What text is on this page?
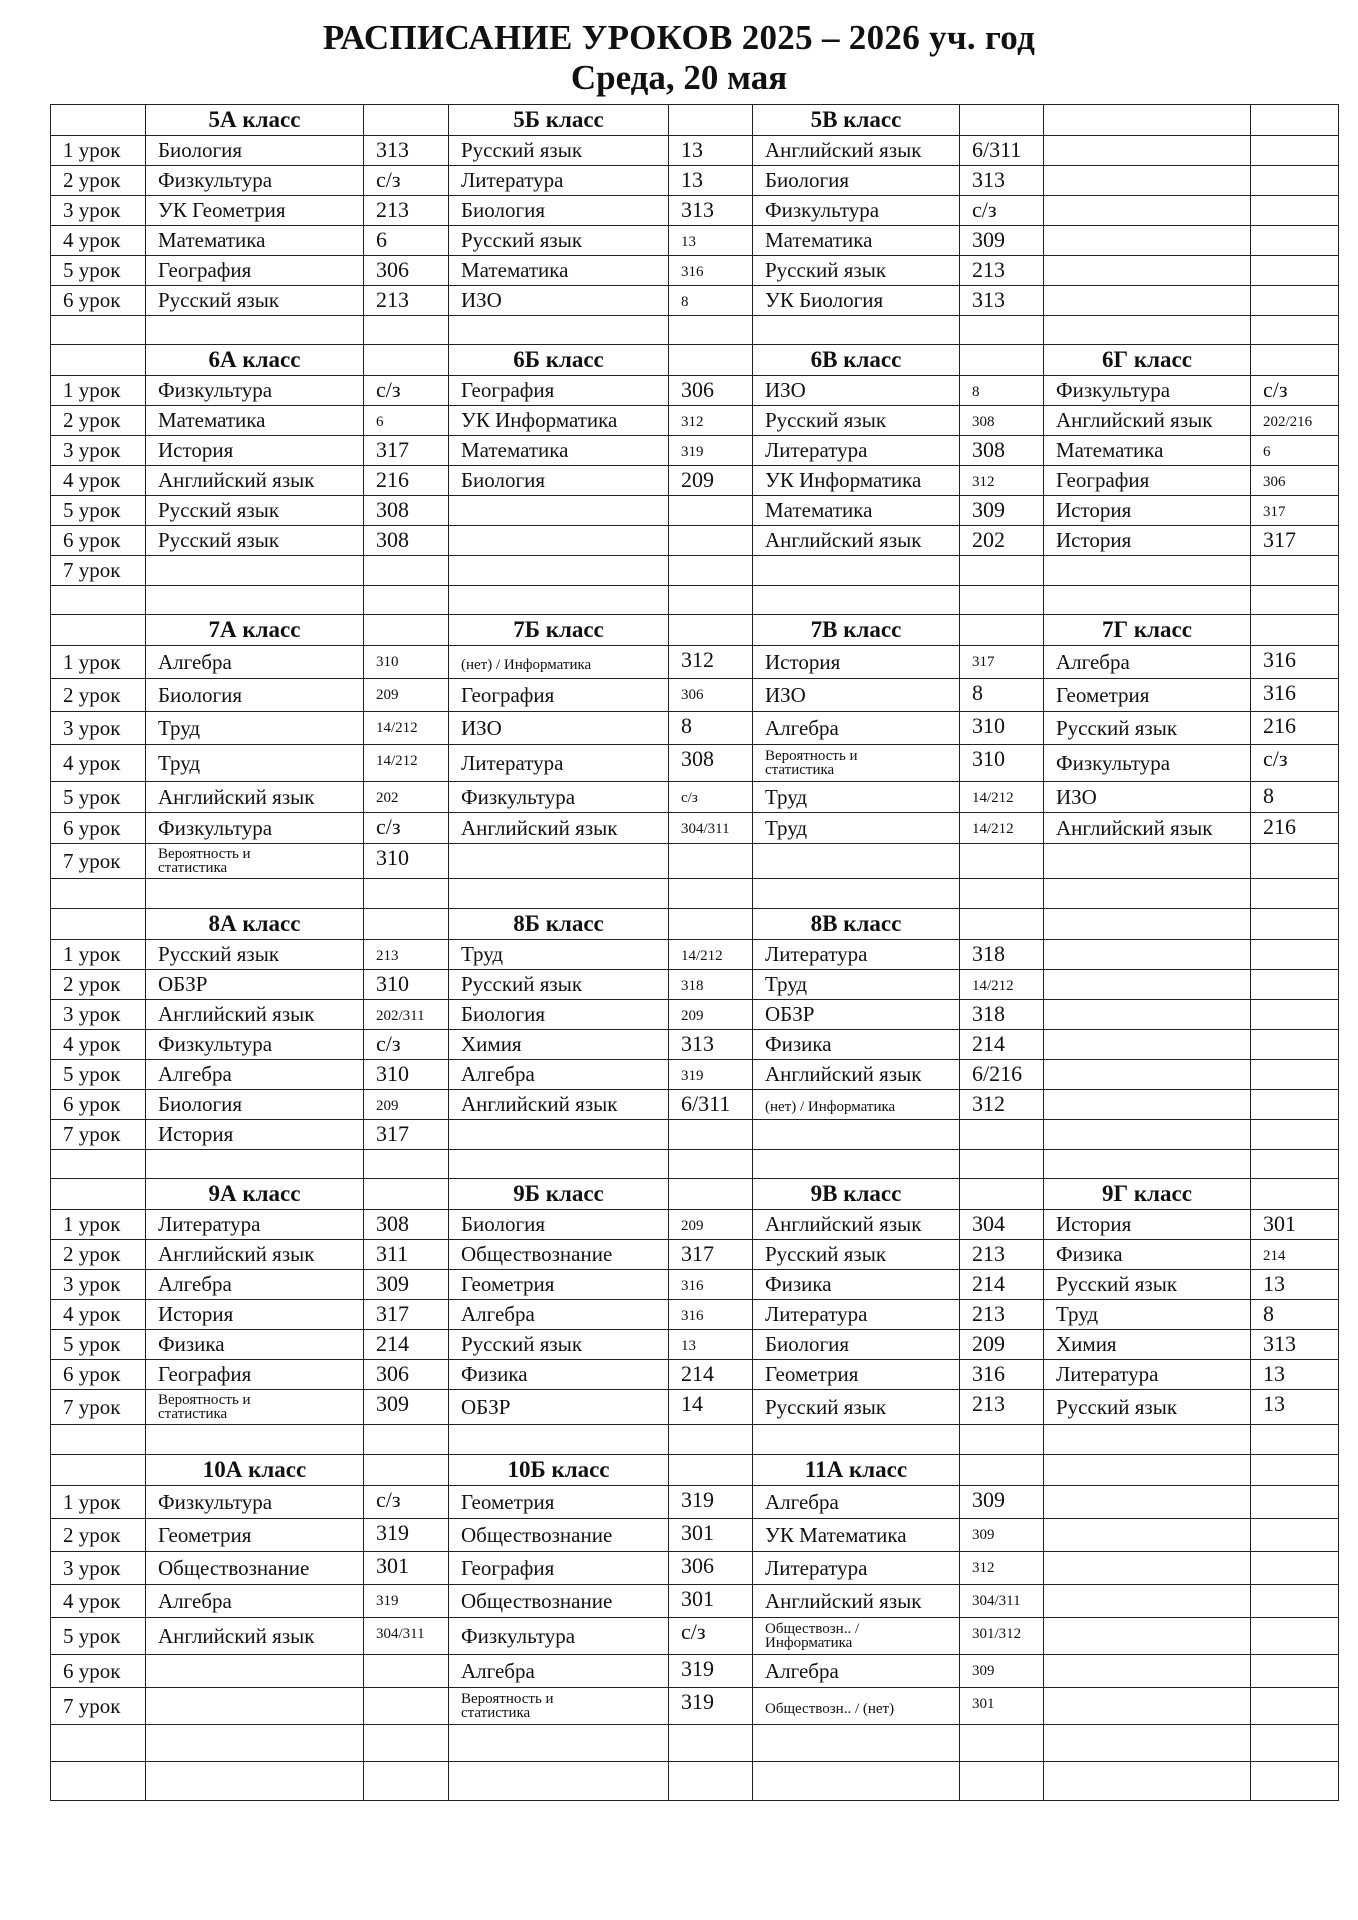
РАСПИСАНИЕ УРОКОВ 2025 – 2026 уч. год
Среда, 20 мая
	5А класс		5Б класс		5В класс			
1 урок	Биология	313	Русский язык	13	Английский язык	6/311		
2 урок	Физкультура	с/з	Литература	13	Биология	313		
3 урок	УК Геометрия	213	Биология	313	Физкультура	с/з		
4 урок	Математика	6	Русский язык	13	Математика	309		
5 урок	География	306	Математика	316	Русский язык	213		
6 урок	Русский язык	213	ИЗО	8	УК Биология	313		

	6А класс		6Б класс		6В класс		6Г класс	
1 урок	Физкультура	с/з	География	306	ИЗО	8	Физкультура	с/з
2 урок	Математика	6	УК Информатика	312	Русский язык	308	Английский язык	202/216
3 урок	История	317	Математика	319	Литература	308	Математика	6
4 урок	Английский язык	216	Биология	209	УК Информатика	312	География	306
5 урок	Русский язык	308			Математика	309	История	317
6 урок	Русский язык	308			Английский язык	202	История	317
7 урок								

	7А класс		7Б класс		7В класс		7Г класс	
1 урок	Алгебра	310	(нет) / Информатика	312	История	317	Алгебра	316
2 урок	Биология	209	География	306	ИЗО	8	Геометрия	316
3 урок	Труд	14/212	ИЗО	8	Алгебра	310	Русский язык	216
4 урок	Труд	14/212	Литература	308	Вероятность и статистика	310	Физкультура	с/з
5 урок	Английский язык	202	Физкультура	с/з	Труд	14/212	ИЗО	8
6 урок	Физкультура	с/з	Английский язык	304/311	Труд	14/212	Английский язык	216
7 урок	Вероятность и статистика	310						

	8А класс		8Б класс		8В класс			
1 урок	Русский язык	213	Труд	14/212	Литература	318		
2 урок	ОБЗР	310	Русский язык	318	Труд	14/212		
3 урок	Английский язык	202/311	Биология	209	ОБЗР	318		
4 урок	Физкультура	с/з	Химия	313	Физика	214		
5 урок	Алгебра	310	Алгебра	319	Английский язык	6/216		
6 урок	Биология	209	Английский язык	6/311	(нет) / Информатика	312		
7 урок	История	317						

	9А класс		9Б класс		9В класс		9Г класс	
1 урок	Литература	308	Биология	209	Английский язык	304	История	301
2 урок	Английский язык	311	Обществознание	317	Русский язык	213	Физика	214
3 урок	Алгебра	309	Геометрия	316	Физика	214	Русский язык	13
4 урок	История	317	Алгебра	316	Литература	213	Труд	8
5 урок	Физика	214	Русский язык	13	Биология	209	Химия	313
6 урок	География	306	Физика	214	Геометрия	316	Литература	13
7 урок	Вероятность и статистика	309	ОБЗР	14	Русский язык	213	Русский язык	13

	10А класс		10Б класс		11А класс			
1 урок	Физкультура	с/з	Геометрия	319	Алгебра	309		
2 урок	Геометрия	319	Обществознание	301	УК Математика	309		
3 урок	Обществознание	301	География	306	Литература	312		
4 урок	Алгебра	319	Обществознание	301	Английский язык	304/311		
5 урок	Английский язык	304/311	Физкультура	с/з	Обществозн.. / Информатика	301/312		
6 урок			Алгебра	319	Алгебра	309		
7 урок			Вероятность и статистика	319	Обществозн.. / (нет)	301		
